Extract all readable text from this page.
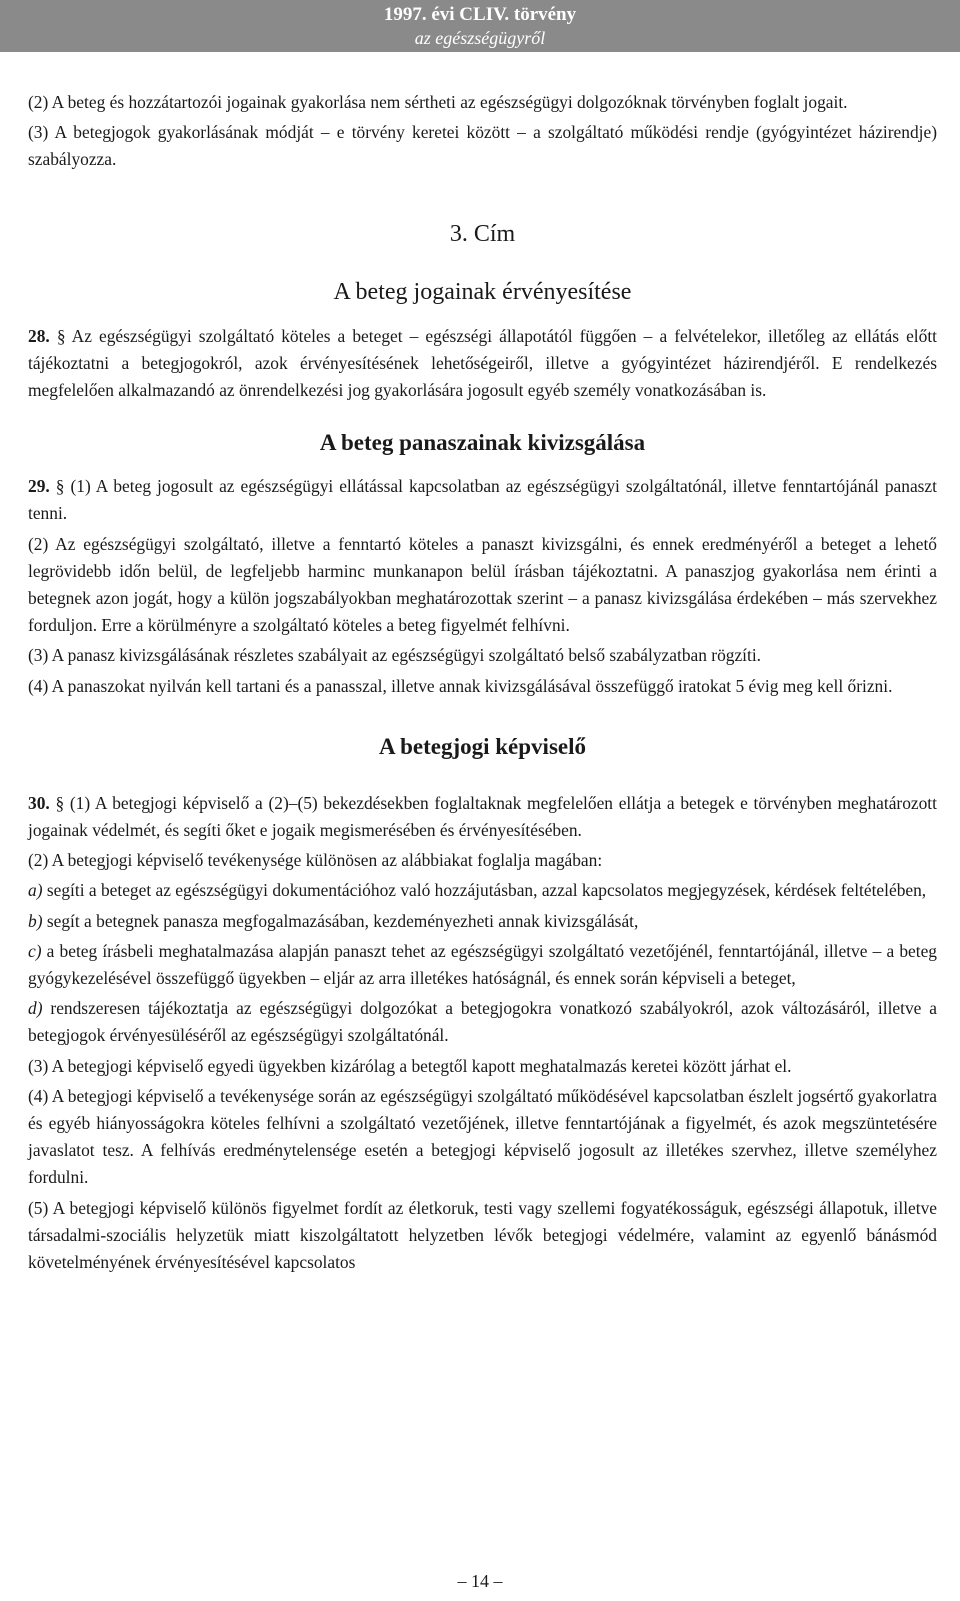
1997. évi CLIV. törvény
az egészségügyről

(2) A beteg és hozzátartozói jogainak gyakorlása nem sértheti az egészségügyi dolgozóknak törvényben foglalt jogait.

(3) A betegjogok gyakorlásának módját – e törvény keretei között – a szolgáltató működési rendje (gyógyintézet házirendje) szabályozza.

3. Cím

A beteg jogainak érvényesítése

28. § Az egészségügyi szolgáltató köteles a beteget – egészségi állapotától függően – a felvételekor, illetőleg az ellátás előtt tájékoztatni a betegjogokról, azok érvényesítésének lehetőségeiről, illetve a gyógyintézet házirendjéről. E rendelkezés megfelelően alkalmazandó az önrendelkezési jog gyakorlására jogosult egyéb személy vonatkozásában is.

A beteg panaszainak kivizsgálása

29. § (1) A beteg jogosult az egészségügyi ellátással kapcsolatban az egészségügyi szolgáltatónál, illetve fenntartójánál panaszt tenni.

(2) Az egészségügyi szolgáltató, illetve a fenntartó köteles a panaszt kivizsgálni, és ennek eredményéről a beteget a lehető legrövidebb időn belül, de legfeljebb harminc munkanapon belül írásban tájékoztatni. A panaszjog gyakorlása nem érinti a betegnek azon jogát, hogy a külön jogszabályokban meghatározottak szerint – a panasz kivizsgálása érdekében – más szervekhez forduljon. Erre a körülményre a szolgáltató köteles a beteg figyelmét felhívni.

(3) A panasz kivizsgálásának részletes szabályait az egészségügyi szolgáltató belső szabályzatban rögzíti.

(4) A panaszokat nyilván kell tartani és a panasszal, illetve annak kivizsgálásával összefüggő iratokat 5 évig meg kell őrizni.

A betegjogi képviselő

30. § (1) A betegjogi képviselő a (2)–(5) bekezdésekben foglaltaknak megfelelően ellátja a betegek e törvényben meghatározott jogainak védelmét, és segíti őket e jogaik megismerésében és érvényesítésében.

(2) A betegjogi képviselő tevékenysége különösen az alábbiakat foglalja magában:

a) segíti a beteget az egészségügyi dokumentációhoz való hozzájutásban, azzal kapcsolatos megjegyzések, kérdések feltételében,

b) segít a betegnek panasza megfogalmazásában, kezdeményezheti annak kivizsgálását,

c) a beteg írásbeli meghatalmazása alapján panaszt tehet az egészségügyi szolgáltató vezetőjénél, fenntartójánál, illetve – a beteg gyógykezelésével összefüggő ügyekben – eljár az arra illetékes hatóságnál, és ennek során képviseli a beteget,

d) rendszeresen tájékoztatja az egészségügyi dolgozókat a betegjogokra vonatkozó szabályokról, azok változásáról, illetve a betegjogok érvényesüléséről az egészségügyi szolgáltatónál.

(3) A betegjogi képviselő egyedi ügyekben kizárólag a betegtől kapott meghatalmazás keretei között járhat el.

(4) A betegjogi képviselő a tevékenysége során az egészségügyi szolgáltató működésével kapcsolatban észlelt jogsértő gyakorlatra és egyéb hiányosságokra köteles felhívni a szolgáltató vezetőjének, illetve fenntartójának a figyelmét, és azok megszüntetésére javaslatot tesz. A felhívás eredménytelensége esetén a betegjogi képviselő jogosult az illetékes szervhez, illetve személyhez fordulni.

(5) A betegjogi képviselő különös figyelmet fordít az életkoruk, testi vagy szellemi fogyatékosságuk, egészségi állapotuk, illetve társadalmi-szociális helyzetük miatt kiszolgáltatott helyzetben lévők betegjogi védelmére, valamint az egyenlő bánásmód követelményének érvényesítésével kapcsolatos

– 14 –
